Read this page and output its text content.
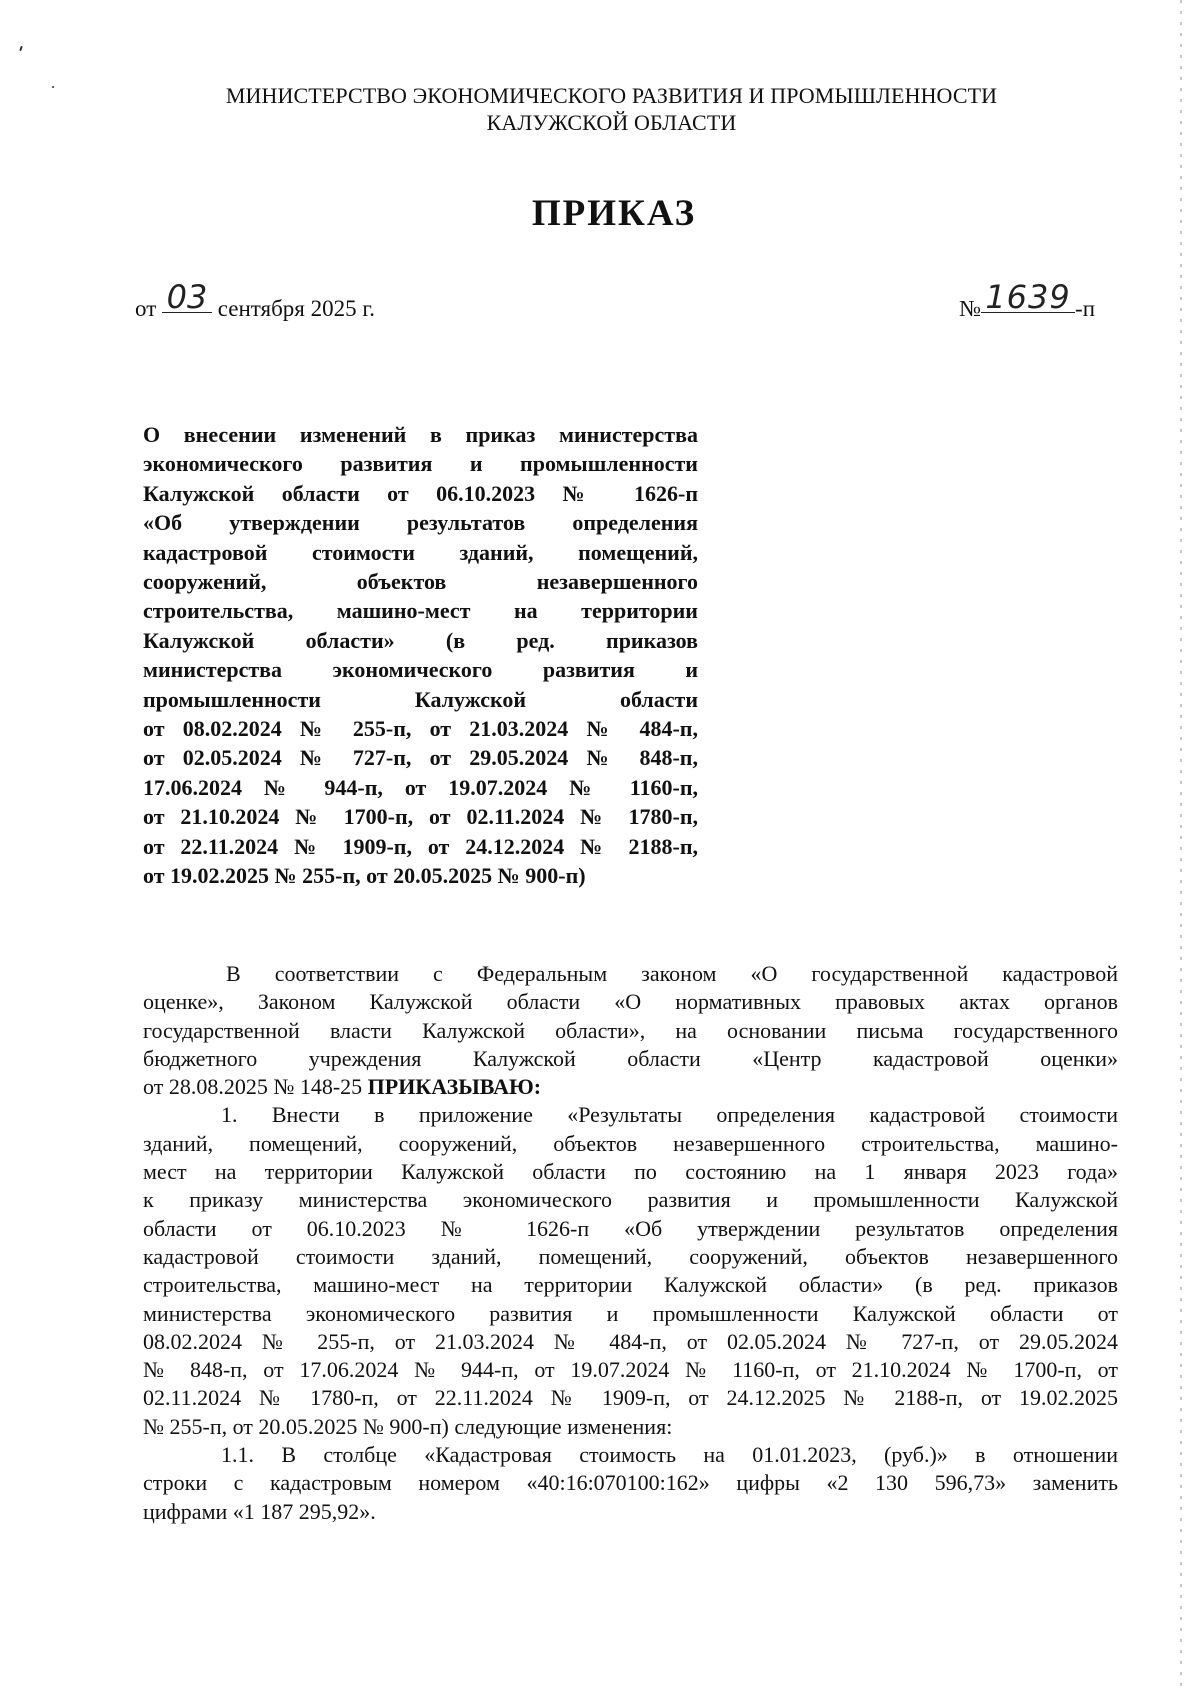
МИНИСТЕРСТВО ЭКОНОМИЧЕСКОГО РАЗВИТИЯ И ПРОМЫШЛЕННОСТИ
КАЛУЖСКОЙ ОБЛАСТИ
ПРИКАЗ
от 03 сентября 2025 г.	№ 1639 -п
О внесении изменений в приказ министерства
экономического развития и промышленности
Калужской области от 06.10.2023 № 1626-п
«Об утверждении результатов определения
кадастровой стоимости зданий, помещений,
сооружений, объектов незавершенного
строительства, машино-мест на территории
Калужской области» (в ред. приказов
министерства экономического развития и
промышленности Калужской области
от 08.02.2024 № 255-п, от 21.03.2024 № 484-п,
от 02.05.2024 № 727-п, от 29.05.2024 № 848-п,
17.06.2024 № 944-п, от 19.07.2024 № 1160-п,
от 21.10.2024 № 1700-п, от 02.11.2024 № 1780-п,
от 22.11.2024 № 1909-п, от 24.12.2024 № 2188-п,
от 19.02.2025 № 255-п, от 20.05.2025 № 900-п)
В соответствии с Федеральным законом «О государственной кадастровой
оценке», Законом Калужской области «О нормативных правовых актах органов
государственной власти Калужской области», на основании письма государственного
бюджетного учреждения Калужской области «Центр кадастровой оценки»
от 28.08.2025 № 148-25 ПРИКАЗЫВАЮ:
1. Внести в приложение «Результаты определения кадастровой стоимости
зданий, помещений, сооружений, объектов незавершенного строительства, машино-
мест на территории Калужской области по состоянию на 1 января 2023 года»
к приказу министерства экономического развития и промышленности Калужской
области от 06.10.2023 № 1626-п «Об утверждении результатов определения
кадастровой стоимости зданий, помещений, сооружений, объектов незавершенного
строительства, машино-мест на территории Калужской области» (в ред. приказов
министерства экономического развития и промышленности Калужской области от
08.02.2024 № 255-п, от 21.03.2024 № 484-п, от 02.05.2024 № 727-п, от 29.05.2024
№ 848-п, от 17.06.2024 № 944-п, от 19.07.2024 № 1160-п, от 21.10.2024 № 1700-п, от
02.11.2024 № 1780-п, от 22.11.2024 № 1909-п, от 24.12.2025 № 2188-п, от 19.02.2025
№ 255-п, от 20.05.2025 № 900-п) следующие изменения:
1.1. В столбце «Кадастровая стоимость на 01.01.2023, (руб.)» в отношении
строки с кадастровым номером «40:16:070100:162» цифры «2 130 596,73» заменить
цифрами «1 187 295,92».
